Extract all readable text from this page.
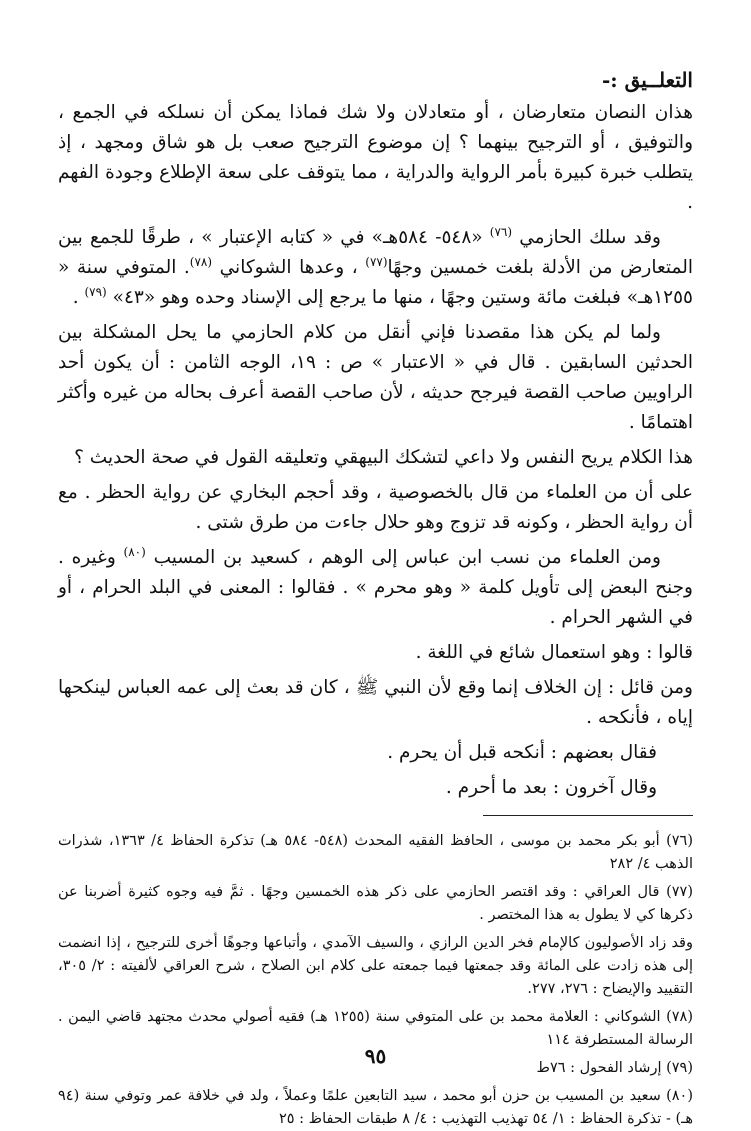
التعلــيق :-

هذان النصان متعارضان ، أو متعادلان ولا شك فماذا يمكن أن نسلكه في الجمع ، والتوفيق ، أو الترجيح بينهما ؟ إن موضوع الترجيح صعب بل هو شاق ومجهد ، إذ يتطلب خبرة كبيرة بأمر الرواية والدراية ، مما يتوقف على سعة الإطلاع وجودة الفهم .

وقد سلك الحازمي $^{(٧٦)}$ «٥٤٨- ٥٨٤هـ» في « كتابه الإعتبار » ، طرقًا للجمع بين المتعارض من الأدلة بلغت خمسين وجهًا$^{(٧٧)}$ ، وعدها الشوكاني $^{(٧٨)}$. المتوفي سنة « ١٢٥٥هـ» فبلغت مائة وستين وجهًا ، منها ما يرجع إلى الإسناد وحده وهو «٤٣» $^{(٧٩)}$ .

ولما لم يكن هذا مقصدنا فإني أنقل من كلام الحازمي ما يحل المشكلة بين الحدثين السابقين . قال في « الاعتبار » ص : ١٩، الوجه الثامن : أن يكون أحد الراويين صاحب القصة فيرجح حديثه ، لأن صاحب القصة أعرف بحاله من غيره وأكثر اهتمامًا .

هذا الكلام يريح النفس ولا داعي لتشكك البيهقي وتعليقه القول في صحة الحديث ؟

على أن من العلماء من قال بالخصوصية ، وقد أحجم البخاري عن رواية الحظر . مع أن رواية الحظر ، وكونه قد تزوج وهو حلال جاءت من طرق شتى .

ومن العلماء من نسب ابن عباس إلى الوهم ، كسعيد بن المسيب $^{(٨٠)}$ وغيره . وجنح البعض إلى تأويل كلمة « وهو محرم » . فقالوا : المعنى في البلد الحرام ، أو في الشهر الحرام .

قالوا : وهو استعمال شائع في اللغة .

ومن قائل : إن الخلاف إنما وقع لأن النبي ﷺ ، كان قد بعث إلى عمه العباس لينكحها إياه ، فأنكحه .

فقال بعضهم : أنكحه قبل أن يحرم .

وقال آخرون : بعد ما أحرم .

(٧٦) أبو بكر محمد بن موسى ، الحافظ الفقيه المحدث (٥٤٨- ٥٨٤ هـ) تذكرة الحفاظ ٤/ ١٣٦٣، شذرات الذهب ٤/ ٢٨٢

(٧٧) قال العراقي : وقد اقتصر الحازمي على ذكر هذه الخمسين وجهًا . ثمَّ فيه وجوه كثيرة أضربنا عن ذكرها كي لا يطول به هذا المختصر .

وقد زاد الأصوليون كالإمام فخر الدين الرازي ، والسيف الآمدي ، وأتباعها وجوهًا أخرى للترجيح ، إذا انضمت إلى هذه زادت على المائة وقد جمعتها فيما جمعته على كلام ابن الصلاح ، شرح العراقي لألفيته : ٢/ ٣٠٥، التقييد والإيضاح : ٢٧٦، ٢٧٧.

(٧٨) الشوكاني : العلامة محمد بن على المتوفي سنة (١٢٥٥ هـ) فقيه أصولي محدث مجتهد قاضي اليمن . الرسالة المستطرفة ١١٤

(٧٩) إرشاد الفحول : ٧٦ط

(٨٠) سعيد بن المسيب بن حزن أبو محمد ، سيد التابعين علمًا وعملاً ، ولد في خلافة عمر وتوفي سنة (٩٤ هـ) - تذكرة الحفاظ : ١/ ٥٤ تهذيب التهذيب : ٤/ ٨ طبقات الحفاظ : ٢٥

٩٥
